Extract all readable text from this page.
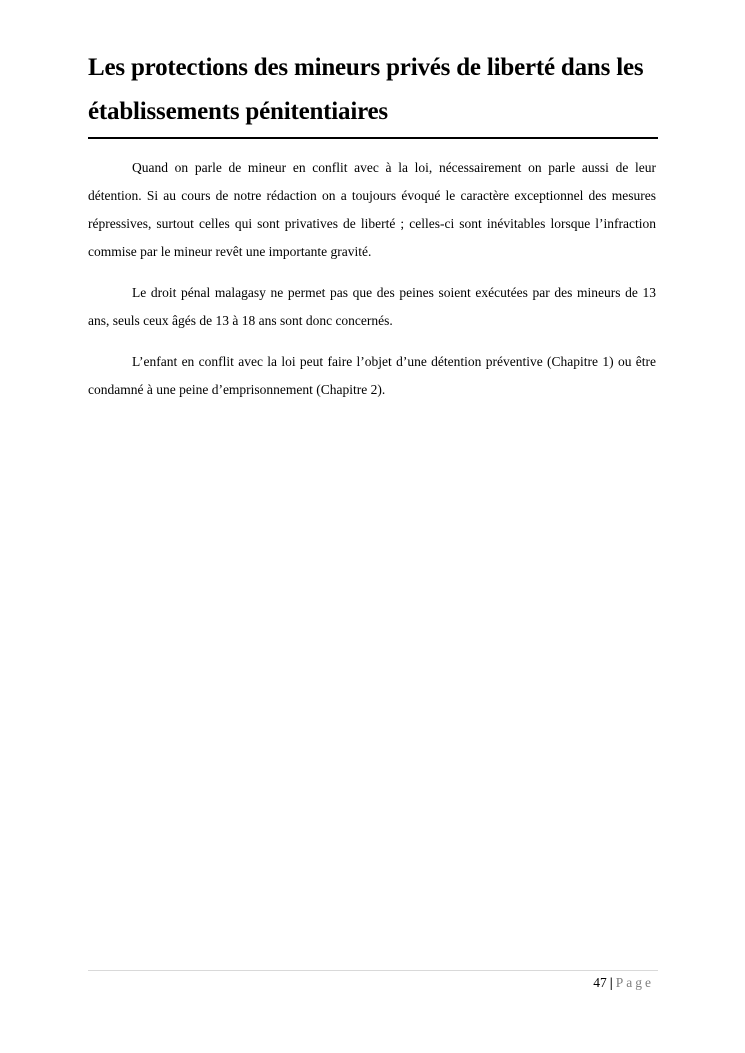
Les protections des mineurs privés de liberté dans les établissements pénitentiaires

Quand on parle de mineur en conflit avec à la loi, nécessairement on parle aussi de leur détention. Si au cours de notre rédaction on a toujours évoqué le caractère exceptionnel des mesures répressives, surtout celles qui sont privatives de liberté ; celles-ci sont inévitables lorsque l’infraction commise par le mineur revêt une importante gravité.

Le droit pénal malagasy ne permet pas que des peines soient exécutées par des mineurs de 13 ans, seuls ceux âgés de 13 à 18 ans sont donc concernés.

L’enfant en conflit avec la loi peut faire l’objet d’une détention préventive (Chapitre 1) ou être condamné à une peine d’emprisonnement (Chapitre 2).

47 | Page
